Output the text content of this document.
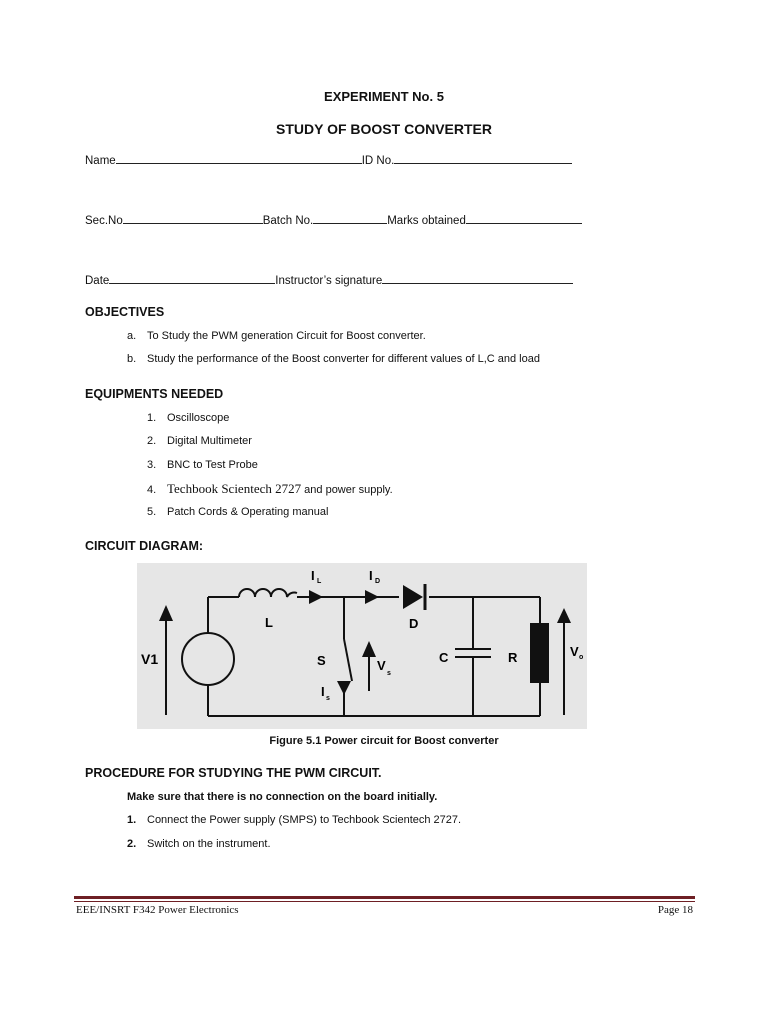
EXPERIMENT No. 5
STUDY OF BOOST CONVERTER
Name	ID No.
Sec.No	Batch No.	Marks obtained
Date	Instructor’s signature
OBJECTIVES
a. To Study the PWM generation Circuit for Boost converter.
b. Study the performance of the Boost converter for different values of L,C and load
EQUIPMENTS NEEDED
1. Oscilloscope
2. Digital Multimeter
3. BNC to Test Probe
4. Techbook Scientech 2727 and power supply.
5. Patch Cords & Operating manual
CIRCUIT DIAGRAM:
V1
L
I L	I D
D
S	V
s
I s
C	R	V o
Figure 5.1 Power circuit for Boost converter
PROCEDURE FOR STUDYING THE PWM CIRCUIT.
Make sure that there is no connection on the board initially.
1. Connect the Power supply (SMPS) to Techbook Scientech 2727.
2. Switch on the instrument.
EEE/INSRT F342 Power Electronics	Page 18
